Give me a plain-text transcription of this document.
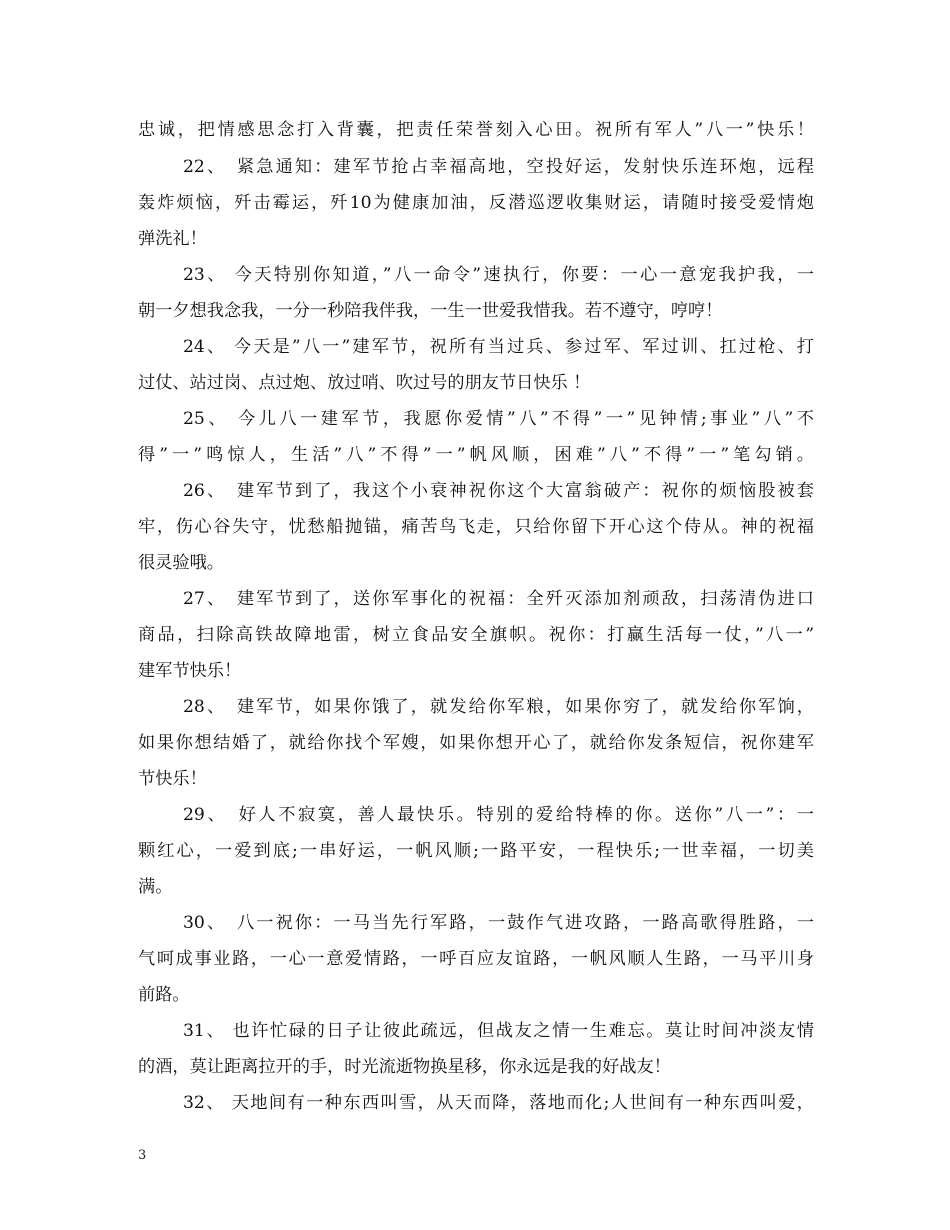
忠诚，把情感思念打入背囊，把责任荣誉刻入心田。祝所有军人”八一”快乐！
22、　紧急通知：建军节抢占幸福高地，空投好运，发射快乐连环炮，远程
轰炸烦恼，歼击霉运，歼10为健康加油，反潜巡逻收集财运，请随时接受爱情炮
弹洗礼！
23、 今天特别你知道，”八一命令”速执行，你要：一心一意宠我护我，一
朝一夕想我念我，一分一秒陪我伴我，一生一世爱我惜我。若不遵守，哼哼！
24、 今天是”八一”建军节，祝所有当过兵、参过军、军过训、扛过枪、打
过仗、站过岗、点过炮、放过哨、吹过号的朋友节日快乐 ！
25、 今儿八一建军节，我愿你爱情”八”不得”一”见钟情;事业”八”不
得”一”鸣惊人，生活”八”不得”一”帆风顺，困难”八”不得”一”笔勾销。
26、　建军节到了，我这个小衰神祝你这个大富翁破产：祝你的烦恼股被套
牢，伤心谷失守，忧愁船抛锚，痛苦鸟飞走，只给你留下开心这个侍从。神的祝福
很灵验哦。
27、　建军节到了，送你军事化的祝福：全歼灭添加剂顽敌，扫荡清伪进口
商品，扫除高铁故障地雷，树立食品安全旗帜。祝你：打赢生活每一仗，”八一”
建军节快乐！
28、　建军节，如果你饿了，就发给你军粮，如果你穷了，就发给你军饷，
如果你想结婚了，就给你找个军嫂，如果你想开心了，就给你发条短信，祝你建军
节快乐！
29、　好人不寂寞，善人最快乐。特别的爱给特棒的你。送你”八一”：一
颗红心，一爱到底;一串好运，一帆风顺;一路平安，一程快乐;一世幸福，一切美
满。
30、　八一祝你：一马当先行军路，一鼓作气进攻路，一路高歌得胜路，一
气呵成事业路，一心一意爱情路，一呼百应友谊路，一帆风顺人生路，一马平川身
前路。
31、 也许忙碌的日子让彼此疏远，但战友之情一生难忘。莫让时间冲淡友情
的酒，莫让距离拉开的手，时光流逝物换星移，你永远是我的好战友！
32、 天地间有一种东西叫雪，从天而降，落地而化;人世间有一种东西叫爱，
3
